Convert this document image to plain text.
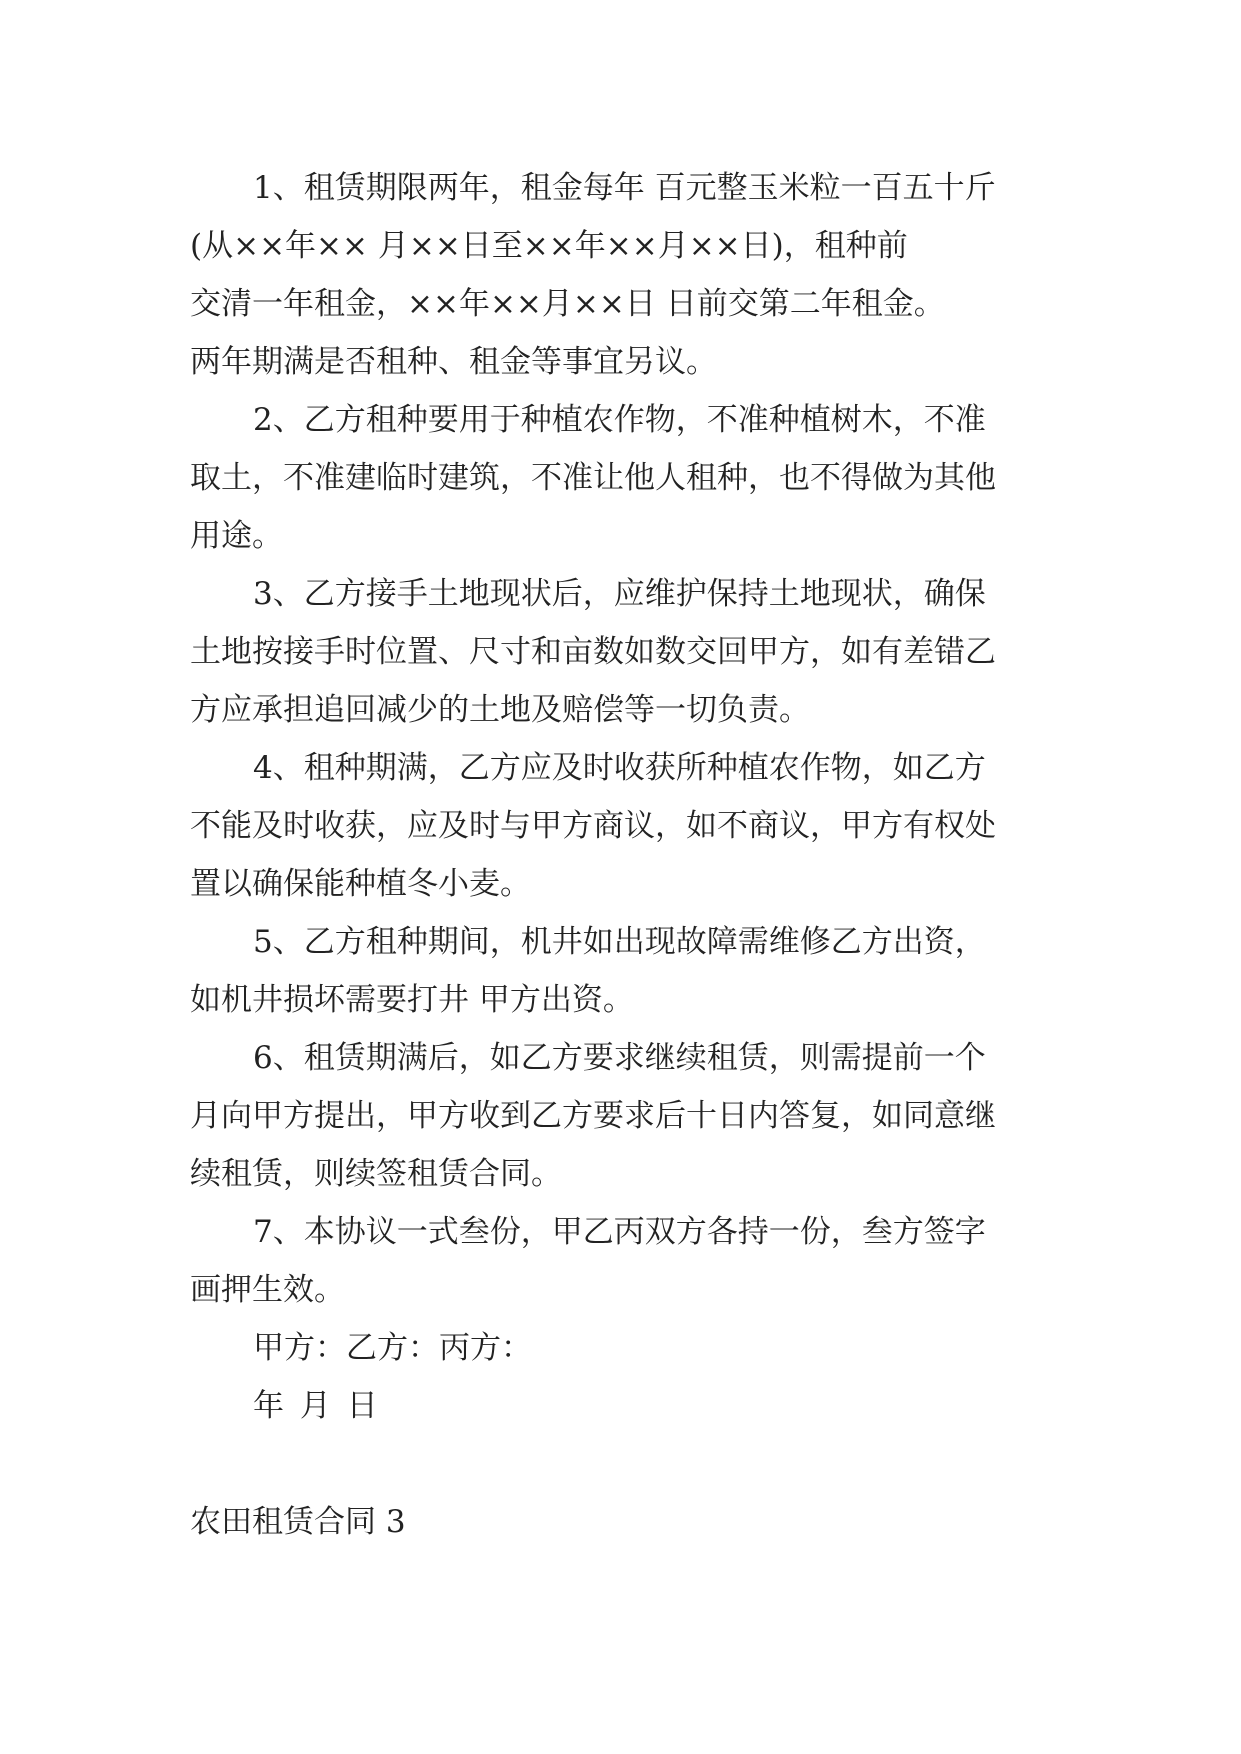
1、租赁期限两年，租金每年 百元整玉米粒一百五十斤
(从××年×× 月××日至××年××月××日)，租种前
交清一年租金，××年××月××日 日前交第二年租金。
两年期满是否租种、租金等事宜另议。
2、乙方租种要用于种植农作物，不准种植树木，不准
取土，不准建临时建筑，不准让他人租种，也不得做为其他
用途。
3、乙方接手土地现状后，应维护保持土地现状，确保
土地按接手时位置、尺寸和亩数如数交回甲方，如有差错乙
方应承担追回减少的土地及赔偿等一切负责。
4、租种期满，乙方应及时收获所种植农作物，如乙方
不能及时收获，应及时与甲方商议，如不商议，甲方有权处
置以确保能种植冬小麦。
5、乙方租种期间，机井如出现故障需维修乙方出资，
如机井损坏需要打井 甲方出资。
6、租赁期满后，如乙方要求继续租赁，则需提前一个
月向甲方提出，甲方收到乙方要求后十日内答复，如同意继
续租赁，则续签租赁合同。
7、本协议一式叁份，甲乙丙双方各持一份，叁方签字
画押生效。
甲方：乙方：丙方：
年 月 日
农田租赁合同 3
